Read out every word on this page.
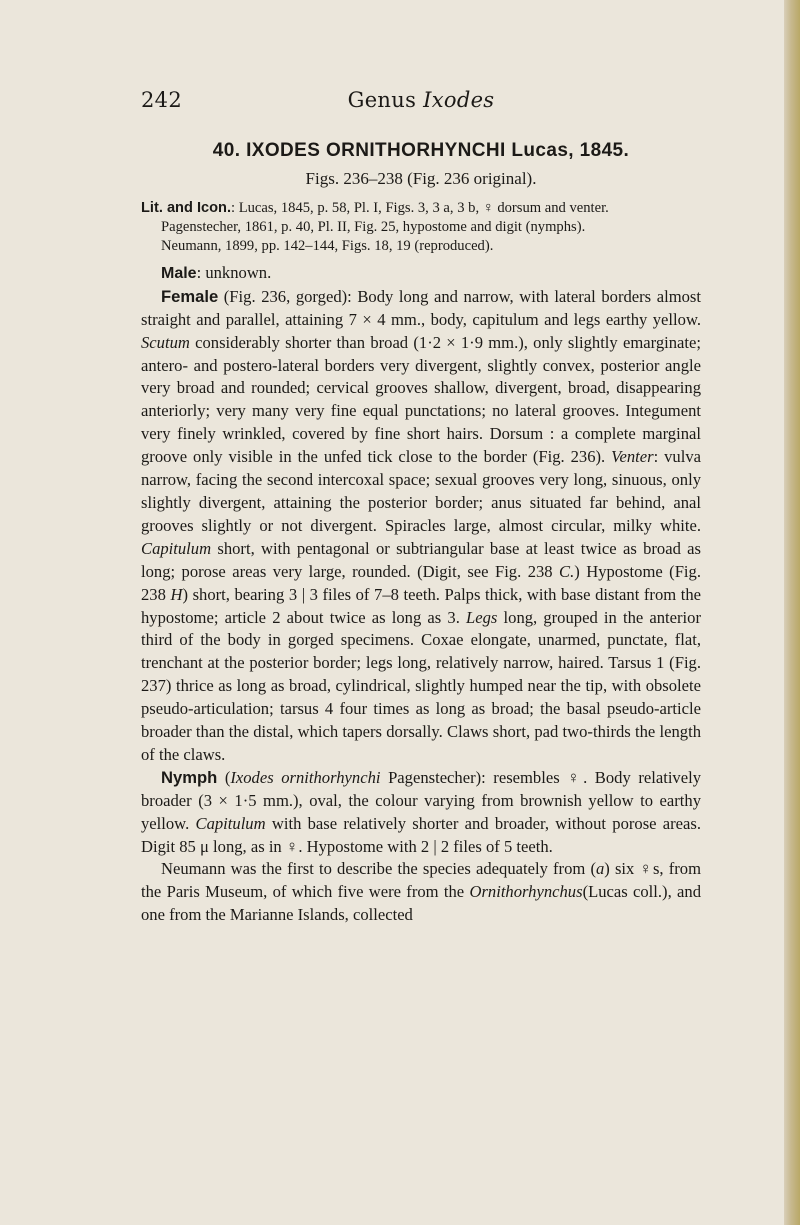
242	Genus Ixodes
40. IXODES ORNITHORHYNCHI Lucas, 1845.
Figs. 236–238 (Fig. 236 original).
Lit. and Icon.: Lucas, 1845, p. 58, Pl. I, Figs. 3, 3 a, 3 b, ♀ dorsum and venter.
Pagenstecher, 1861, p. 40, Pl. II, Fig. 25, hypostome and digit (nymphs).
Neumann, 1899, pp. 142–144, Figs. 18, 19 (reproduced).

Male: unknown.

Female (Fig. 236, gorged): Body long and narrow, with lateral borders almost straight and parallel, attaining 7 × 4 mm., body, capitulum and legs earthy yellow. Scutum considerably shorter than broad (1·2 × 1·9 mm.), only slightly emarginate; antero- and postero-lateral borders very divergent, slightly convex, posterior angle very broad and rounded; cervical grooves shallow, divergent, broad, disappearing anteriorly; very many very fine equal punctations; no lateral grooves. Integument very finely wrinkled, covered by fine short hairs. Dorsum : a complete marginal groove only visible in the unfed tick close to the border (Fig. 236). Venter: vulva narrow, facing the second intercoxal space; sexual grooves very long, sinuous, only slightly divergent, attaining the posterior border; anus situated far behind, anal grooves slightly or not divergent. Spiracles large, almost circular, milky white. Capitulum short, with pentagonal or subtriangular base at least twice as broad as long; porose areas very large, rounded. (Digit, see Fig. 238 C.) Hypostome (Fig. 238 H) short, bearing 3 | 3 files of 7–8 teeth. Palps thick, with base distant from the hypostome; article 2 about twice as long as 3. Legs long, grouped in the anterior third of the body in gorged specimens. Coxae elongate, unarmed, punctate, flat, trenchant at the posterior border; legs long, relatively narrow, haired. Tarsus 1 (Fig. 237) thrice as long as broad, cylindrical, slightly humped near the tip, with obsolete pseudo-articulation; tarsus 4 four times as long as broad; the basal pseudo-article broader than the distal, which tapers dorsally. Claws short, pad two-thirds the length of the claws.

Nymph (Ixodes ornithorhynchi Pagenstecher): resembles ♀. Body relatively broader (3 × 1·5 mm.), oval, the colour varying from brownish yellow to earthy yellow. Capitulum with base relatively shorter and broader, without porose areas. Digit 85 μ long, as in ♀. Hypostome with 2 | 2 files of 5 teeth.

Neumann was the first to describe the species adequately from (a) six ♀s, from the Paris Museum, of which five were from the Ornithorhynchus(Lucas coll.), and one from the Marianne Islands, collected
